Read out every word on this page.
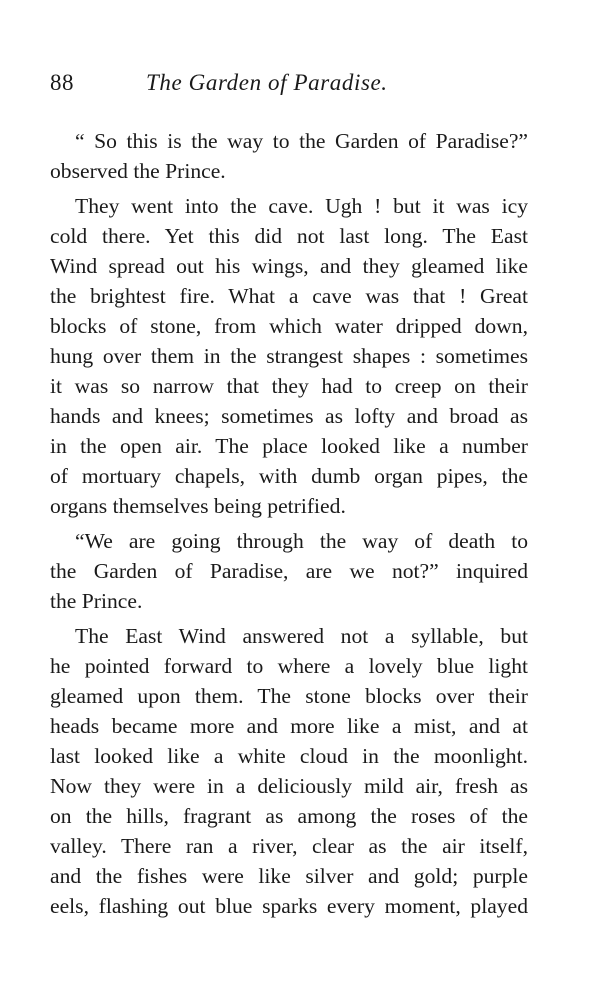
88	The Garden of Paradise.
“ So this is the way to the Garden of Paradise?”
observed the Prince.
They went into the cave. Ugh ! but it was icy
cold there. Yet this did not last long. The East
Wind spread out his wings, and they gleamed like
the brightest fire. What a cave was that ! Great
blocks of stone, from which water dripped down,
hung over them in the strangest shapes : sometimes
it was so narrow that they had to creep on their
hands and knees; sometimes as lofty and broad as
in the open air. The place looked like a number
of mortuary chapels, with dumb organ pipes, the
organs themselves being petrified.
“We are going through the way of death to
the Garden of Paradise, are we not?” inquired
the Prince.
The East Wind answered not a syllable, but
he pointed forward to where a lovely blue light
gleamed upon them. The stone blocks over their
heads became more and more like a mist, and at
last looked like a white cloud in the moonlight.
Now they were in a deliciously mild air, fresh as
on the hills, fragrant as among the roses of the
valley. There ran a river, clear as the air itself,
and the fishes were like silver and gold; purple
eels, flashing out blue sparks every moment, played
